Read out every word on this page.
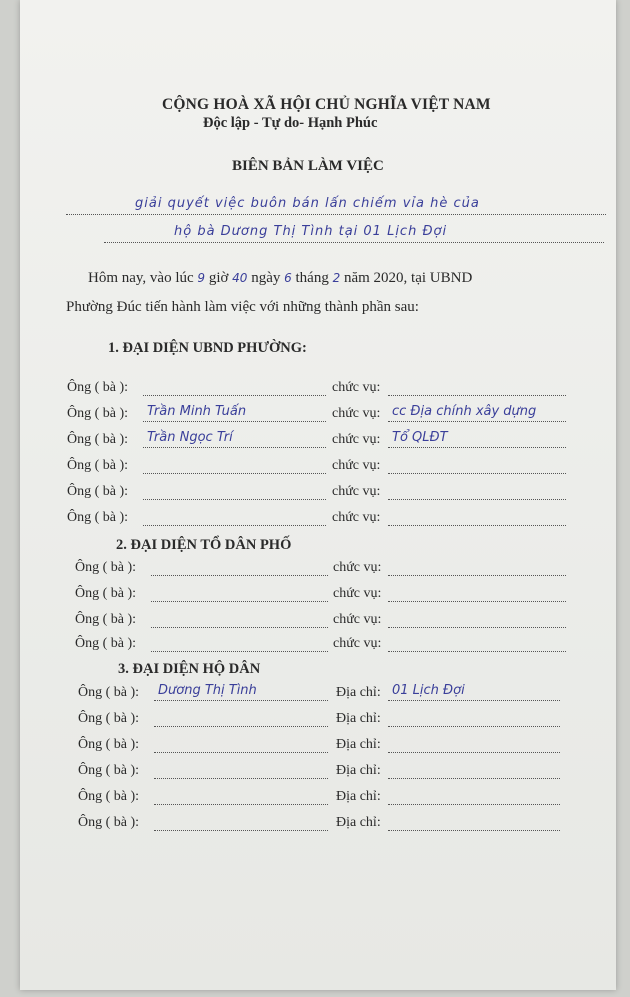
CỘNG HOÀ XÃ HỘI CHỦ NGHĨA VIỆT NAM
Độc lập - Tự do- Hạnh Phúc
BIÊN BẢN LÀM VIỆC
giải quyết việc buôn bán lấn chiếm vỉa hè của
hộ bà Dương Thị Tình tại 01 Lịch Đợi
Hôm nay, vào lúc 9 giờ 40 ngày 6 tháng 2 năm 2020, tại UBND
Phường Đúc tiến hành làm việc với những thành phần sau:
1. ĐẠI DIỆN UBND PHƯỜNG:
Ông ( bà ):	chức vụ:
Ông ( bà ): Trần Minh Tuấn	chức vụ: cc Địa chính xây dựng
Ông ( bà ): Trần Ngọc Trí	chức vụ: Tổ QLĐT
Ông ( bà ):	chức vụ:
Ông ( bà ):	chức vụ:
Ông ( bà ):	chức vụ:
2. ĐẠI DIỆN TỔ DÂN PHỐ
Ông ( bà ):	chức vụ:
Ông ( bà ):	chức vụ:
Ông ( bà ):	chức vụ:
Ông ( bà ):	chức vụ:
3. ĐẠI DIỆN HỘ DÂN
Ông ( bà ): Dương Thị Tình	Địa chỉ: 01 Lịch Đợi
Ông ( bà ):	Địa chỉ:
Ông ( bà ):	Địa chỉ:
Ông ( bà ):	Địa chỉ:
Ông ( bà ):	Địa chỉ:
Ông ( bà ):	Địa chỉ:
